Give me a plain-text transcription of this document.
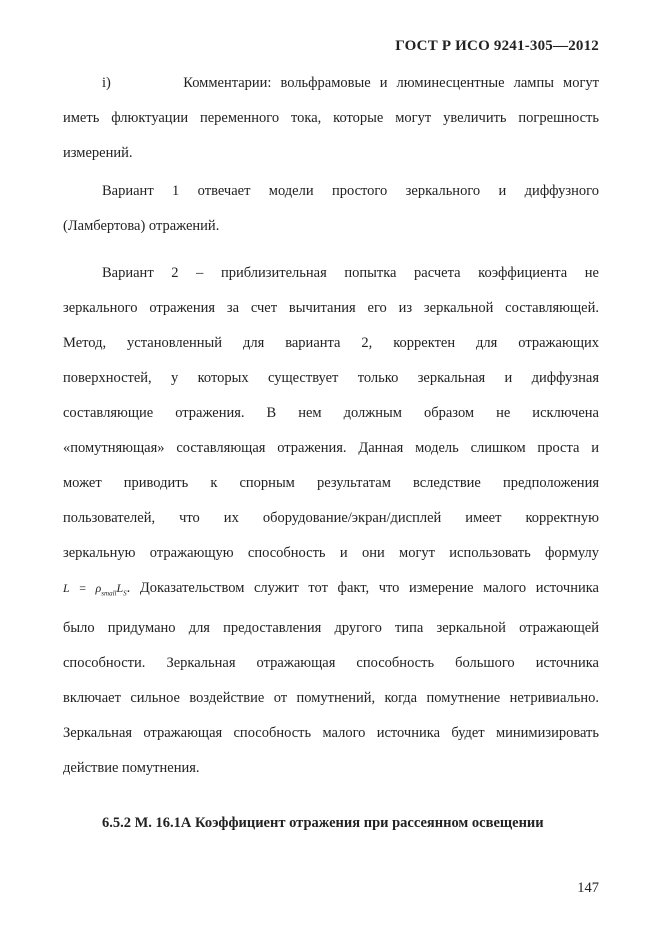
ГОСТ Р ИСО 9241-305—2012
i)        Комментарии: вольфрамовые и люминесцентные лампы могут
иметь флюктуации переменного тока, которые могут увеличить погрешность
измерений.
Вариант 1 отвечает модели простого зеркального и диффузного
(Ламбертова) отражений.
Вариант 2 – приблизительная попытка расчета коэффициента не
зеркального отражения за счет вычитания его из зеркальной составляющей.
Метод, установленный для варианта 2, корректен для отражающих
поверхностей, у которых существует только зеркальная и диффузная
составляющие отражения. В нем должным образом не исключена
«помутняющая» составляющая отражения. Данная модель слишком проста и
может приводить к спорным результатам вследствие предположения
пользователей, что их оборудование/экран/дисплей имеет корректную
зеркальную отражающую способность и они могут использовать формулу
$L = \rho_{small}L_S$. Доказательством служит тот факт, что измерение малого источника
было придумано для предоставления другого типа зеркальной отражающей
способности. Зеркальная отражающая способность большого источника
включает сильное воздействие от помутнений, когда помутнение нетривиально.
Зеркальная отражающая способность малого источника будет минимизировать
действие помутнения.
6.5.2 М. 16.1А Коэффициент отражения при рассеянном освещении
147
